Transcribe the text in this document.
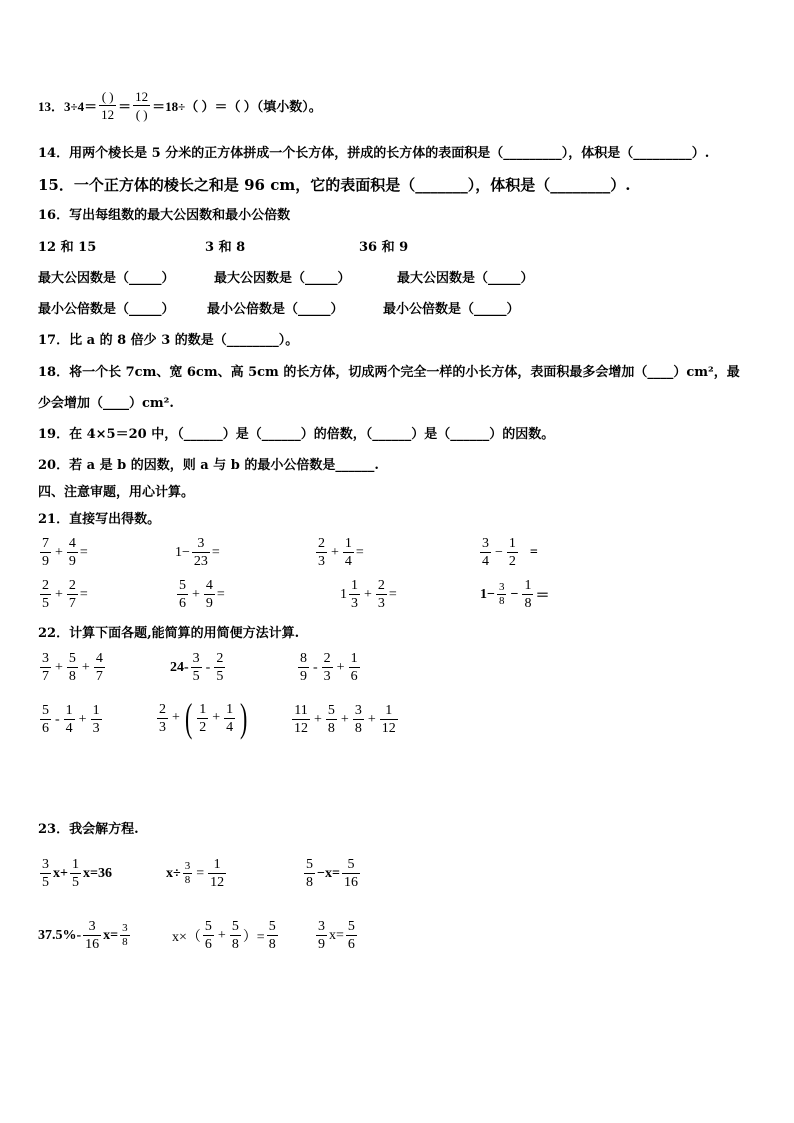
13． $3\div 4= \frac{( )}{12} = \frac{12}{( )} =18\div$（ ）＝（ ）（填小数）。
14．用两个棱长是 5 分米的正方体拼成一个长方体，拼成的长方体的表面积是（_________），体积是（_________）.
15．一个正方体的棱长之和是 96 cm，它的表面积是（_______），体积是（________）.
16．写出每组数的最大公因数和最小公倍数
12 和 15	3 和 8	36 和 9
最大公因数是（_____）	最大公因数是（_____）	最大公因数是（_____）
最小公倍数是（_____） 最小公倍数是（_____）	最小公倍数是（_____）
17．比 a 的 8 倍少 3 的数是（________）。
18．将一个长 7cm、宽 6cm、高 5cm 的长方体，切成两个完全一样的小长方体，表面积最多会增加（____）cm²，最
少会增加（____）cm².
19．在 4×5＝20 中，（______）是（______）的倍数，（______）是（______）的因数。
20．若 a 是 b 的因数，则 a 与 b 的最小公倍数是______.
四、注意审题，用心计算。
21．直接写出得数。
$\frac{7}{9} + \frac{4}{9}$ =	$1- \frac{3}{23}$ =	$\frac{2}{3} + \frac{1}{4}$ =	$\frac{3}{4} - \frac{1}{2}$ =
$\frac{2}{5} + \frac{2}{7}$ =	$\frac{5}{6} + \frac{4}{9}$ =	$1 \frac{1}{3} + \frac{2}{3}$ =	$1- \frac{3}{8} - \frac{1}{8}$ ＝
22．计算下面各题,能简算的用简便方法计算.
$\frac{3}{7} + \frac{5}{8} + \frac{4}{7}$	$24- \frac{3}{5} - \frac{2}{5}$	$\frac{8}{9} - \frac{2}{3} + \frac{1}{6}$
$\frac{5}{6} - \frac{1}{4} + \frac{1}{3}$	$\frac{2}{3}$ + ( $\frac{1}{2} + \frac{1}{4}$ )	$\frac{11}{12} + \frac{5}{8} + \frac{3}{8} + \frac{1}{12}$
23．我会解方程.
$\frac{3}{5} x+ \frac{1}{5} x=36$	$x\div \frac{3}{8} = \frac{1}{12}$	$\frac{5}{8} -x= \frac{5}{16}$
$37.5\%- \frac{3}{16} x= \frac{3}{8}$	$x\times( \frac{5}{6} + \frac{5}{8}$ ）= $\frac{5}{8}$	$\frac{3}{9} x= \frac{5}{6}$
